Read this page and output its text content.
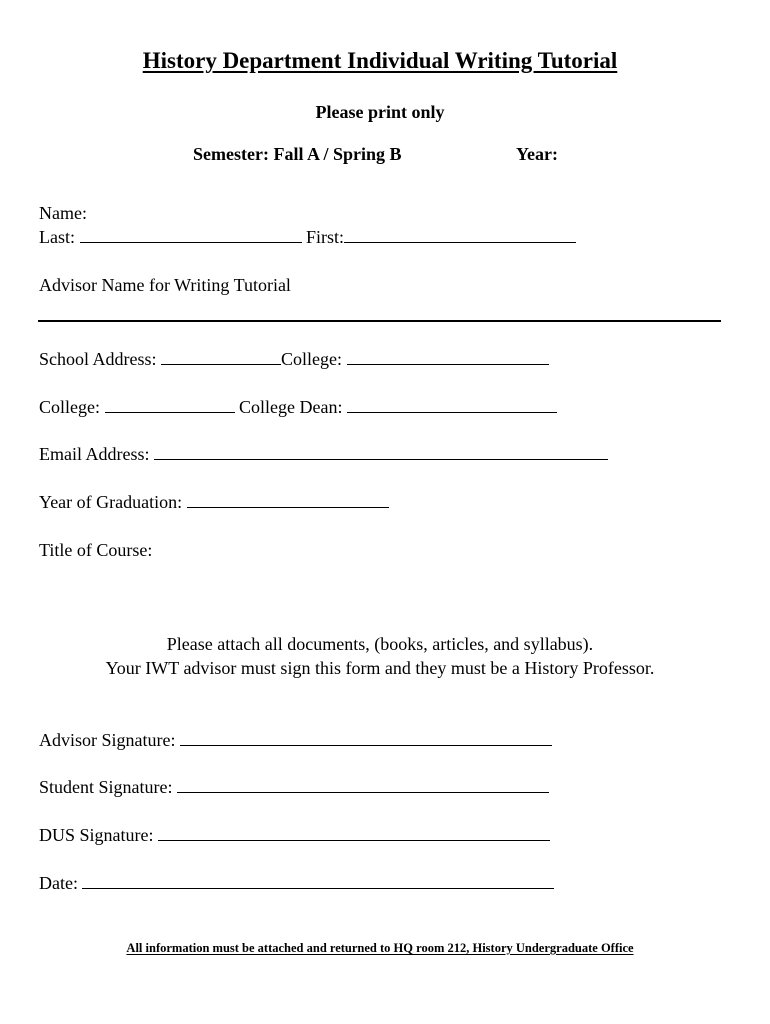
History Department Individual Writing Tutorial
Please print only
Semester: Fall A / Spring B	Year:
Name:
Last:	First:
Advisor Name for Writing Tutorial
School Address:	College:
College:	College Dean:
Email Address:
Year of Graduation:
Title of Course:
Please attach all documents, (books, articles, and syllabus).
Your IWT advisor must sign this form and they must be a History Professor.
Advisor Signature:
Student Signature:
DUS Signature:
Date:
All information must be attached and returned to HQ room 212, History Undergraduate Office
